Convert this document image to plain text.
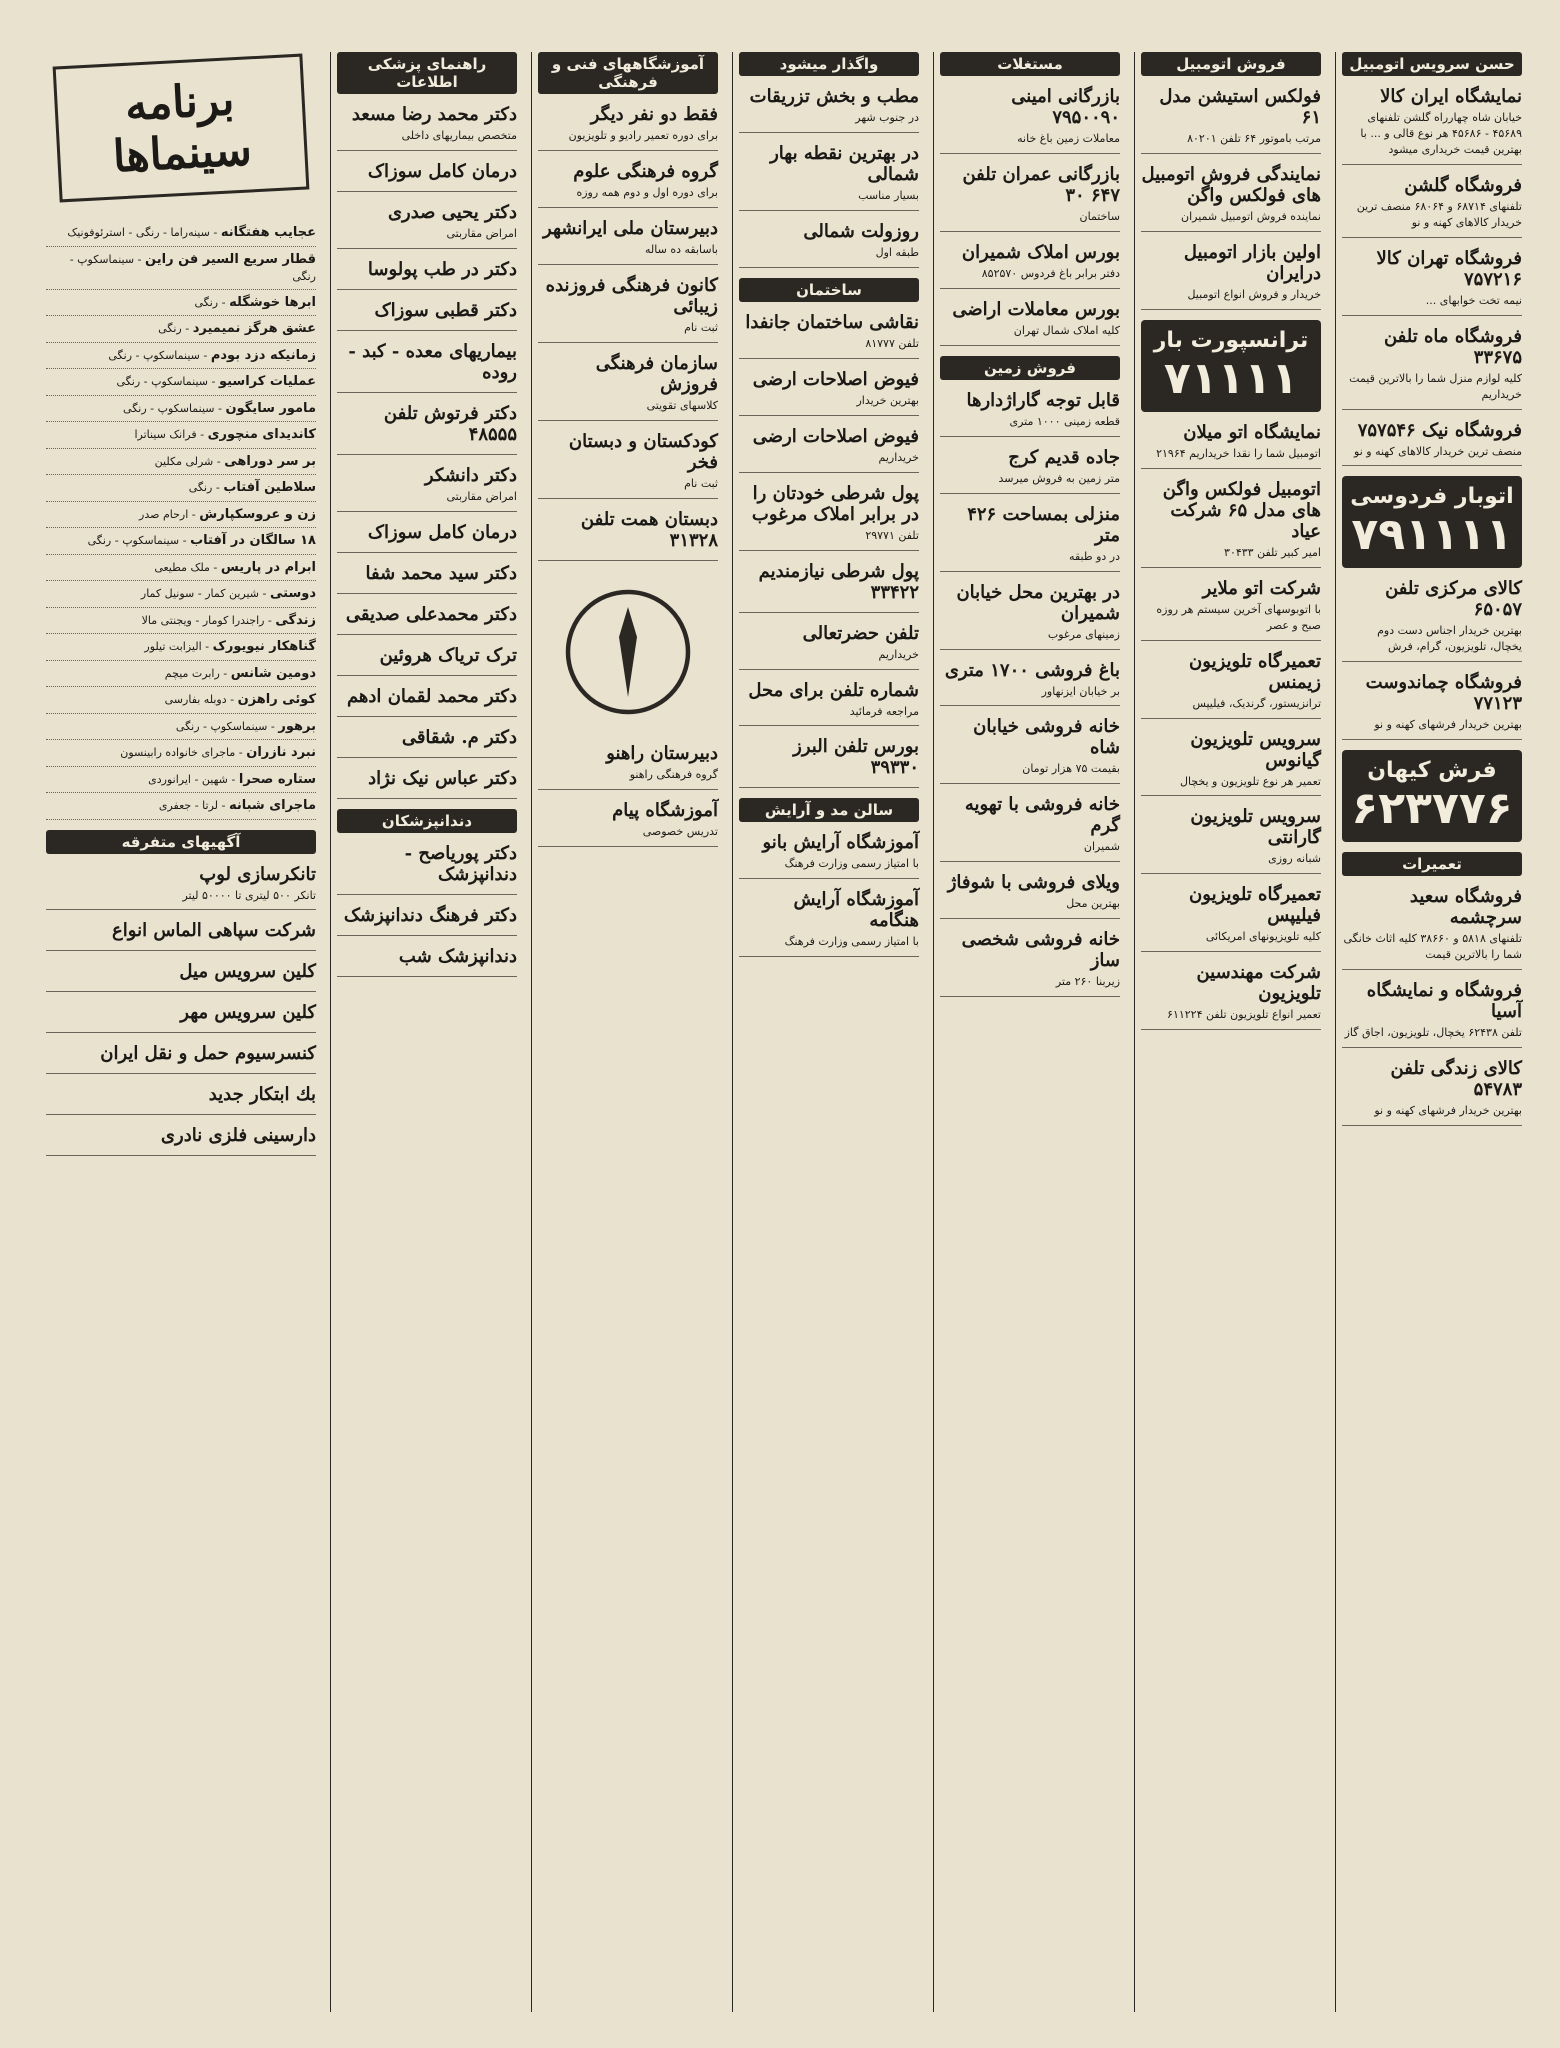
حسن سرویس اتومبیل
نمایشگاه ایران کالا

خیابان شاه چهارراه گلشن تلفنهای ۴۵۶۸۹ - ۴۵۶۸۶ هر نوع قالی و ... با بهترین قیمت خریداری میشود

فروشگاه گلشن

تلفنهای ۶۸۷۱۴ و ۶۸۰۶۴ منصف ترین خریدار کالاهای کهنه و نو

فروشگاه تهران کالا ۷۵۷۲۱۶

نیمه تخت خوابهای ...

فروشگاه ماه تلفن ۳۳۶۷۵

کلیه لوازم منزل شما را بالاترین قیمت خریداریم

فروشگاه نیک ۷۵۷۵۴۶

منصف ترین خریدار کالاهای کهنه و نو

اتوبار فردوسی
۷۹۱۱۱۱
کالای مرکزی تلفن ۶۵۰۵۷

بهترین خریدار اجناس دست دوم یخچال، تلویزیون، گرام، فرش

فروشگاه چماندوست ۷۷۱۲۳

بهترین خریدار فرشهای کهنه و نو

فرش کیهان
۶۲۳۷۷۶
تعمیرات
فروشگاه سعید سرچشمه

تلفنهای ۵۸۱۸ و ۳۸۶۶۰ کلیه اثاث خانگی شما را بالاترین قیمت

فروشگاه و نمایشگاه آسیا

تلفن ۶۲۴۳۸ یخچال، تلویزیون، اجاق گاز

کالای زندگی تلفن ۵۴۷۸۳

بهترین خریدار فرشهای کهنه و نو

فروش اتومبیل
فولکس استیشن مدل ۶۱

مرتب باموتور ۶۴ تلفن ۸۰۲۰۱

نمایندگی فروش اتومبیل های فولکس واگن

نماینده فروش اتومبیل شمیران

اولین بازار اتومبیل درایران

خریدار و فروش انواع اتومبیل

ترانسپورت بار
۷۱۱۱۱
نمایشگاه اتو میلان

اتومبیل شما را نقدا خریداریم ۲۱۹۶۴

اتومبیل فولکس واگن های مدل ۶۵ شرکت عیاد

امیر کبیر تلفن ۳۰۴۳۳

شرکت اتو ملایر

با اتوبوسهای آخرین سیستم هر روزه صبح و عصر

تعمیرگاه تلویزیون زیمنس

ترانزیستور، گرندیک، فیلیپس

سرویس تلویزیون گیانوس

تعمیر هر نوع تلویزیون و یخچال

سرویس تلویزیون گارانتی

شبانه روزی

تعمیرگاه تلویزیون فیلیپس

کلیه تلویزیونهای امریکائی

شرکت مهندسین تلویزیون

تعمیر انواع تلویزیون تلفن ۶۱۱۲۲۴

مستغلات
بازرگانی امینی ۷۹۵۰۰۹۰

معاملات زمین باغ خانه

بازرگانی عمران تلفن ۶۴۷ ۳۰

ساختمان

بورس املاک شمیران

دفتر برابر باغ فردوس ۸۵۲۵۷۰

بورس معاملات اراضی

کلیه املاک شمال تهران

فروش زمین
قابل توجه گاراژدارها

قطعه زمینی ۱۰۰۰ متری

جاده قدیم کرج

متر زمین به فروش میرسد

منزلی بمساحت ۴۲۶ متر

در دو طبقه

در بهترین محل خیابان شمیران

زمینهای مرغوب

باغ فروشی ۱۷۰۰ متری

بر خیابان ایزنهاور

خانه فروشی خیابان شاه

بقیمت ۷۵ هزار تومان

خانه فروشی با تهویه گرم

شمیران

ویلای فروشی با شوفاژ

بهترین محل

خانه فروشی شخصی ساز

زیربنا ۲۶۰ متر

واگذار میشود
مطب و بخش تزریقات

در جنوب شهر

در بهترین نقطه بهار شمالی

بسیار مناسب

روزولت شمالی

طبقه اول

ساختمان
نقاشی ساختمان جانفدا

تلفن ۸۱۷۷۷

فیوض اصلاحات ارضی

بهترین خریدار

فیوض اصلاحات ارضی

خریداریم

پول شرطی خودتان را در برابر املاک مرغوب

تلفن ۲۹۷۷۱

پول شرطی نیازمندیم ۳۳۴۲۲

تلفن حضرتعالی

خریداریم

شماره تلفن برای محل

مراجعه فرمائید

بورس تلفن البرز ۳۹۳۳۰

سالن مد و آرایش
آموزشگاه آرایش بانو

با امتیاز رسمی وزارت فرهنگ

آموزشگاه آرایش هنگامه

با امتیاز رسمی وزارت فرهنگ

آموزشگاههای فنی و فرهنگی
فقط دو نفر دیگر

برای دوره تعمیر رادیو و تلویزیون

گروه فرهنگی علوم

برای دوره اول و دوم همه روزه

دبیرستان ملی ایرانشهر

باسابقه ده ساله

کانون فرهنگی فروزنده زیبائی

ثبت نام

سازمان فرهنگی فروزش

کلاسهای تقویتی

کودکستان و دبستان فخر

ثبت نام

دبستان همت تلفن ۳۱۳۲۸

دبیرستان راهنو

گروه فرهنگی راهنو

آموزشگاه پیام

تدریس خصوصی

راهنمای پزشکی اطلاعات
دکتر محمد رضا مسعد

متخصص بیماریهای داخلی

درمان کامل سوزاک

دکتر یحیی صدری

امراض مقاربتی

دکتر در طب پولوسا

دکتر قطبی سوزاک

بیماریهای معده - کبد - روده

دکتر فرتوش تلفن ۴۸۵۵۵

دکتر دانشکر

امراض مقاربتی

درمان کامل سوزاک

دکتر سید محمد شفا

دکتر محمدعلی صدیقی

ترک تریاک هروئین

دکتر محمد لقمان ادهم

دکتر م. شقاقی

دکتر عباس نیک نژاد

دندانپزشکان
دکتر پوریاصح - دندانپزشک

دکتر فرهنگ دندانپزشک

دندانپزشک شب

برنامه سینماها
عجایب هفتگانه - سینه‌راما - رنگی - استرئوفونیک
قطار سریع السیر فن راین - سینماسکوپ - رنگی
ابرها خوشگله - رنگی
عشق هرگز نمیمیرد - رنگی
زمانیکه دزد بودم - سینماسکوپ - رنگی
عملیات کراسیو - سینماسکوپ - رنگی
مامور سایگون - سینماسکوپ - رنگی
کاندیدای منچوری - فرانک سیناترا
بر سر دوراهی - شرلی مکلین
سلاطین آفتاب - رنگی
زن و عروسکپارش - ارحام صدر
۱۸ سالگان در آفتاب - سینماسکوپ - رنگی
ابرام در پاریس - ملک مطیعی
دوستی - شیرین کمار - سونیل کمار
زندگی - راجندرا کومار - ویجنتی مالا
گناهکار نیویورک - الیزابت تیلور
دومین شانس - رابرت میچم
کوئی راهزن - دوبله بفارسی
برهور - سینماسکوپ - رنگی
نبرد نازران - ماجرای خانواده رابینسون
ستاره صحرا - شهین - ایرانوردی
ماجرای شبانه - لرتا - جعفری
آگهیهای متفرقه
تانکرسازی لوپ

تانکر ۵۰۰ لیتری تا ۵۰۰۰۰ لیتر

شرکت سپاهی الماس انواع

کلین سرویس میل

کلین سرویس مهر

کنسرسیوم حمل و نقل ایران

بك ابتكار جدید

دارسینی فلزی نادری
